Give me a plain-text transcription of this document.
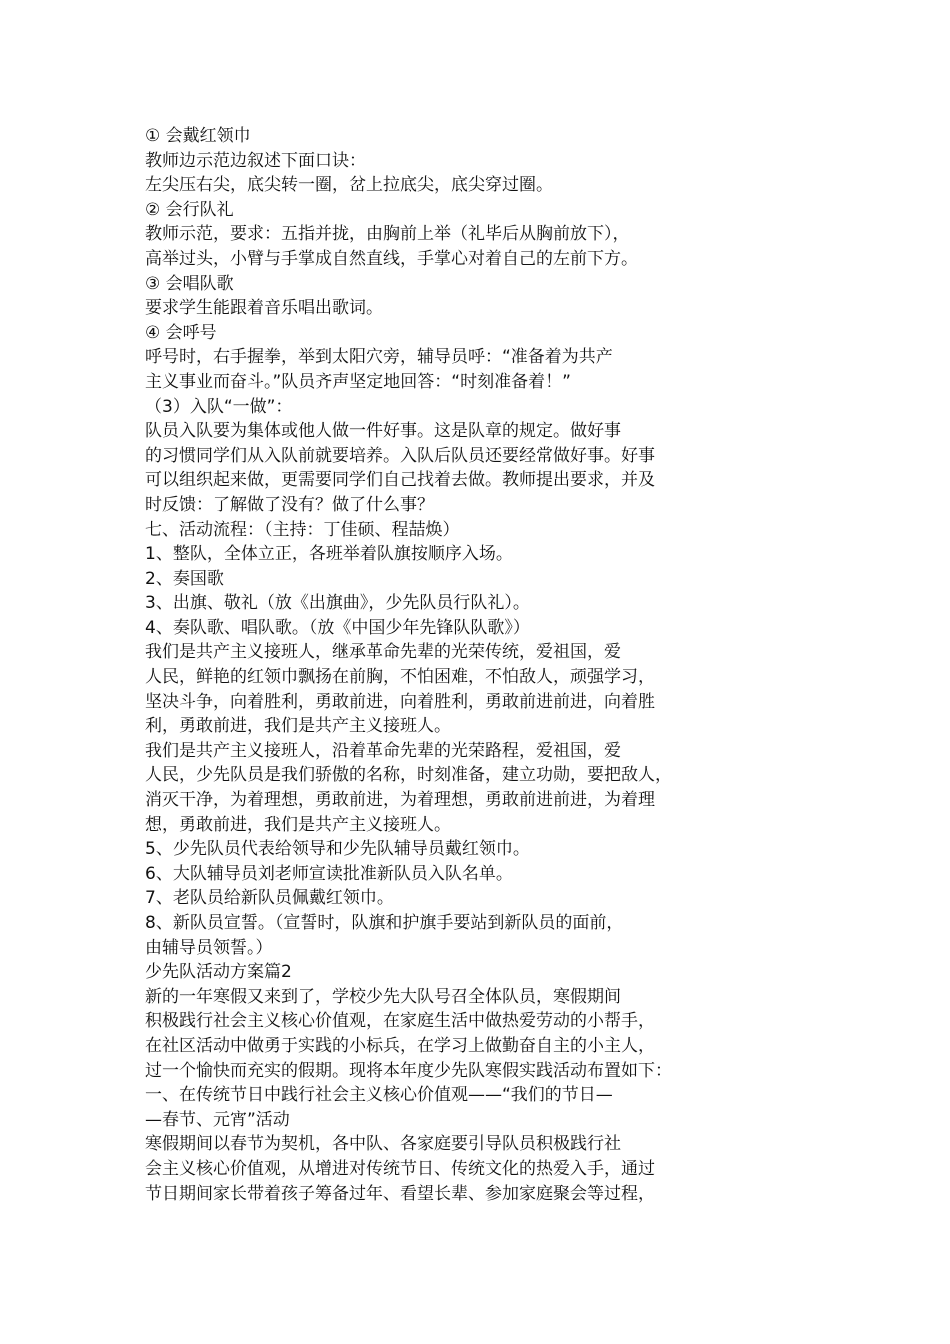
① 会戴红领巾
教师边示范边叙述下面口诀：
左尖压右尖，底尖转一圈，岔上拉底尖，底尖穿过圈。
② 会行队礼
教师示范，要求：五指并拢，由胸前上举（礼毕后从胸前放下），
高举过头，小臂与手掌成自然直线，手掌心对着自己的左前下方。
③ 会唱队歌
要求学生能跟着音乐唱出歌词。
④ 会呼号
呼号时，右手握拳，举到太阳穴旁，辅导员呼：“准备着为共产
主义事业而奋斗。”队员齐声坚定地回答：“时刻准备着！”
（3）入队“一做”：
队员入队要为集体或他人做一件好事。这是队章的规定。做好事
的习惯同学们从入队前就要培养。入队后队员还要经常做好事。好事
可以组织起来做，更需要同学们自己找着去做。教师提出要求，并及
时反馈：了解做了没有？做了什么事？
七、活动流程：（主持：丁佳硕、程喆焕）
1、整队，全体立正，各班举着队旗按顺序入场。
2、奏国歌
3、出旗、敬礼（放《出旗曲》，少先队员行队礼）。
4、奏队歌、唱队歌。（放《中国少年先锋队队歌》）
我们是共产主义接班人，继承革命先辈的光荣传统，爱祖国，爱
人民，鲜艳的红领巾飘扬在前胸，不怕困难，不怕敌人，顽强学习，
坚决斗争，向着胜利，勇敢前进，向着胜利，勇敢前进前进，向着胜
利，勇敢前进，我们是共产主义接班人。
我们是共产主义接班人，沿着革命先辈的光荣路程，爱祖国，爱
人民，少先队员是我们骄傲的名称，时刻准备，建立功勋，要把敌人，
消灭干净，为着理想，勇敢前进，为着理想，勇敢前进前进，为着理
想，勇敢前进，我们是共产主义接班人。
5、少先队员代表给领导和少先队辅导员戴红领巾。
6、大队辅导员刘老师宣读批准新队员入队名单。
7、老队员给新队员佩戴红领巾。
8、新队员宣誓。（宣誓时，队旗和护旗手要站到新队员的面前，
由辅导员领誓。）
少先队活动方案篇2
新的一年寒假又来到了，学校少先大队号召全体队员，寒假期间
积极践行社会主义核心价值观，在家庭生活中做热爱劳动的小帮手，
在社区活动中做勇于实践的小标兵，在学习上做勤奋自主的小主人，
过一个愉快而充实的假期。现将本年度少先队寒假实践活动布置如下：
一、在传统节日中践行社会主义核心价值观——“我们的节日—
—春节、元宵”活动
寒假期间以春节为契机，各中队、各家庭要引导队员积极践行社
会主义核心价值观，从增进对传统节日、传统文化的热爱入手，通过
节日期间家长带着孩子筹备过年、看望长辈、参加家庭聚会等过程，
